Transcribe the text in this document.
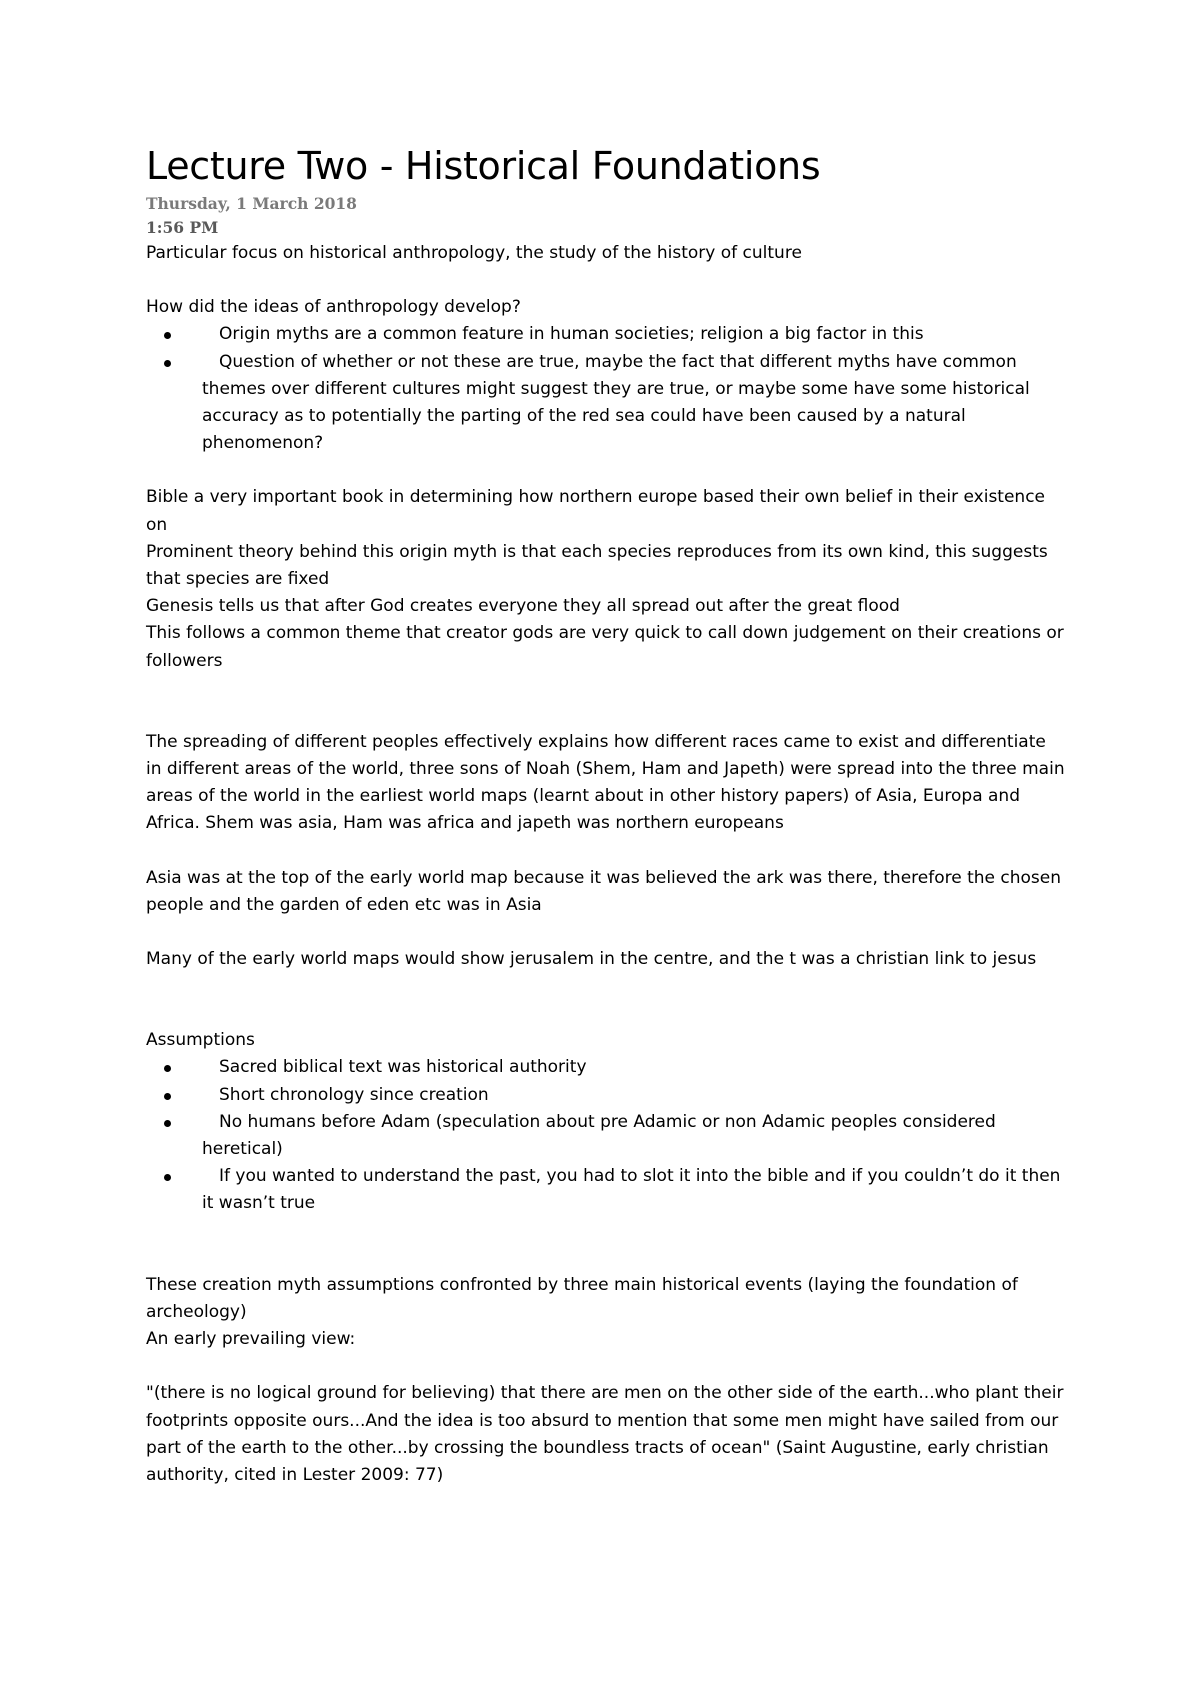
Lecture Two - Historical Foundations
Thursday, 1 March 2018
1:56 PM

Particular focus on historical anthropology, the study of the history of culture

How did the ideas of anthropology develop?

Origin myths are a common feature in human societies; religion a big factor in this
Question of whether or not these are true, maybe the fact that different myths have common themes over different cultures might suggest they are true, or maybe some have some historical accuracy as to potentially the parting of the red sea could have been caused by a natural phenomenon?

Bible a very important book in determining how northern europe based their own belief in their existence on

Prominent theory behind this origin myth is that each species reproduces from its own kind, this suggests that species are fixed

Genesis tells us that after God creates everyone they all spread out after the great flood

This follows a common theme that creator gods are very quick to call down judgement on their creations or followers

The spreading of different peoples effectively explains how different races came to exist and differentiate in different areas of the world, three sons of Noah (Shem, Ham and Japeth) were spread into the three main areas of the world in the earliest world maps (learnt about in other history papers) of Asia, Europa and Africa. Shem was asia, Ham was africa and japeth was northern europeans

Asia was at the top of the early world map because it was believed the ark was there, therefore the chosen people and the garden of eden etc was in Asia

Many of the early world maps would show jerusalem in the centre, and the t was a christian link to jesus

Assumptions

Sacred biblical text was historical authority
Short chronology since creation
No humans before Adam (speculation about pre Adamic or non Adamic peoples considered heretical)
If you wanted to understand the past, you had to slot it into the bible and if you couldn’t do it then it wasn’t true

These creation myth assumptions confronted by three main historical events (laying the foundation of archeology)

An early prevailing view:

"(there is no logical ground for believing) that there are men on the other side of the earth...who plant their footprints opposite ours...And the idea is too absurd to mention that some men might have sailed from our part of the earth to the other...by crossing the boundless tracts of ocean" (Saint Augustine, early christian authority, cited in Lester 2009: 77)
